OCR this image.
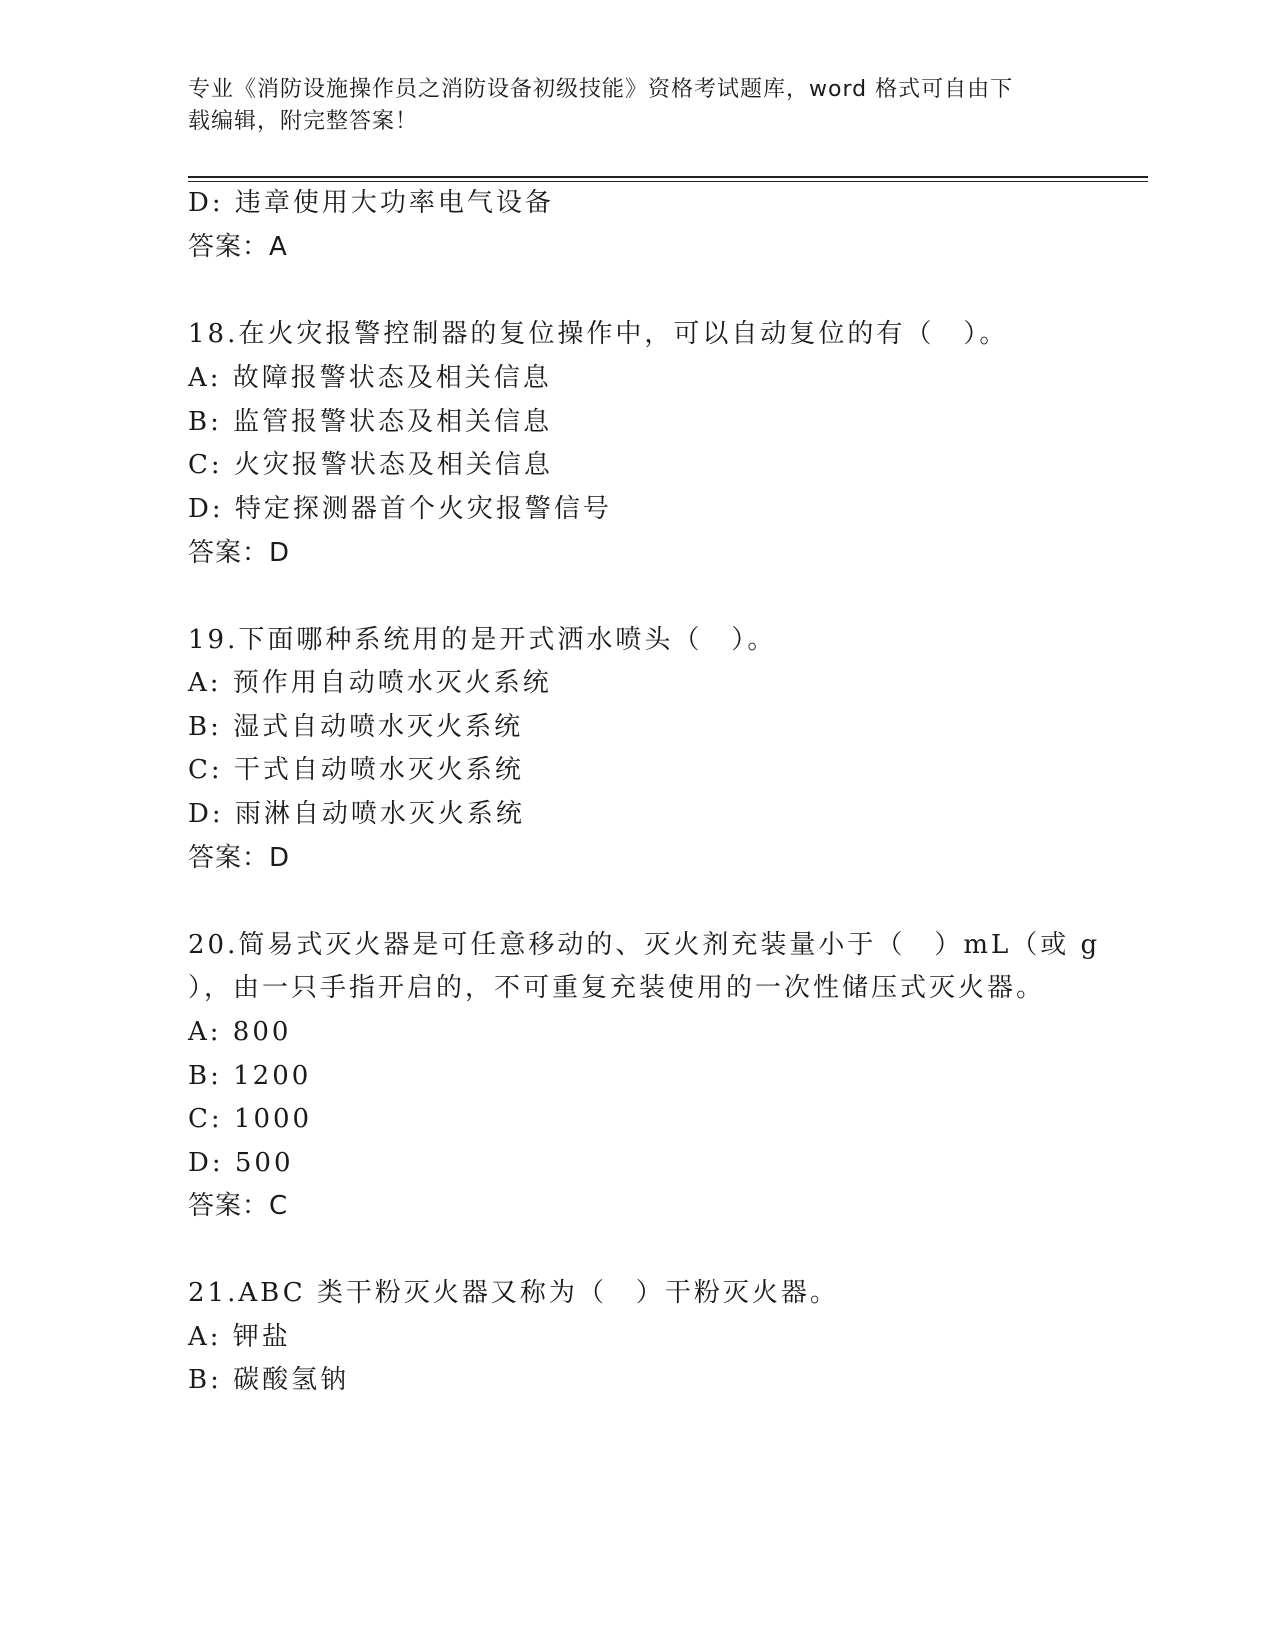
专业《消防设施操作员之消防设备初级技能》资格考试题库，word 格式可自由下
载编辑，附完整答案！
D: 违章使用大功率电气设备
答案：A
18.在火灾报警控制器的复位操作中，可以自动复位的有（　）。
A: 故障报警状态及相关信息
B: 监管报警状态及相关信息
C: 火灾报警状态及相关信息
D: 特定探测器首个火灾报警信号
答案：D
19.下面哪种系统用的是开式洒水喷头（　）。
A: 预作用自动喷水灭火系统
B: 湿式自动喷水灭火系统
C: 干式自动喷水灭火系统
D: 雨淋自动喷水灭火系统
答案：D
20.简易式灭火器是可任意移动的、灭火剂充装量小于（　）mL（或 g
），由一只手指开启的，不可重复充装使用的一次性储压式灭火器。
A: 800
B: 1200
C: 1000
D: 500
答案：C
21.ABC 类干粉灭火器又称为（　）干粉灭火器。
A: 钾盐
B: 碳酸氢钠
